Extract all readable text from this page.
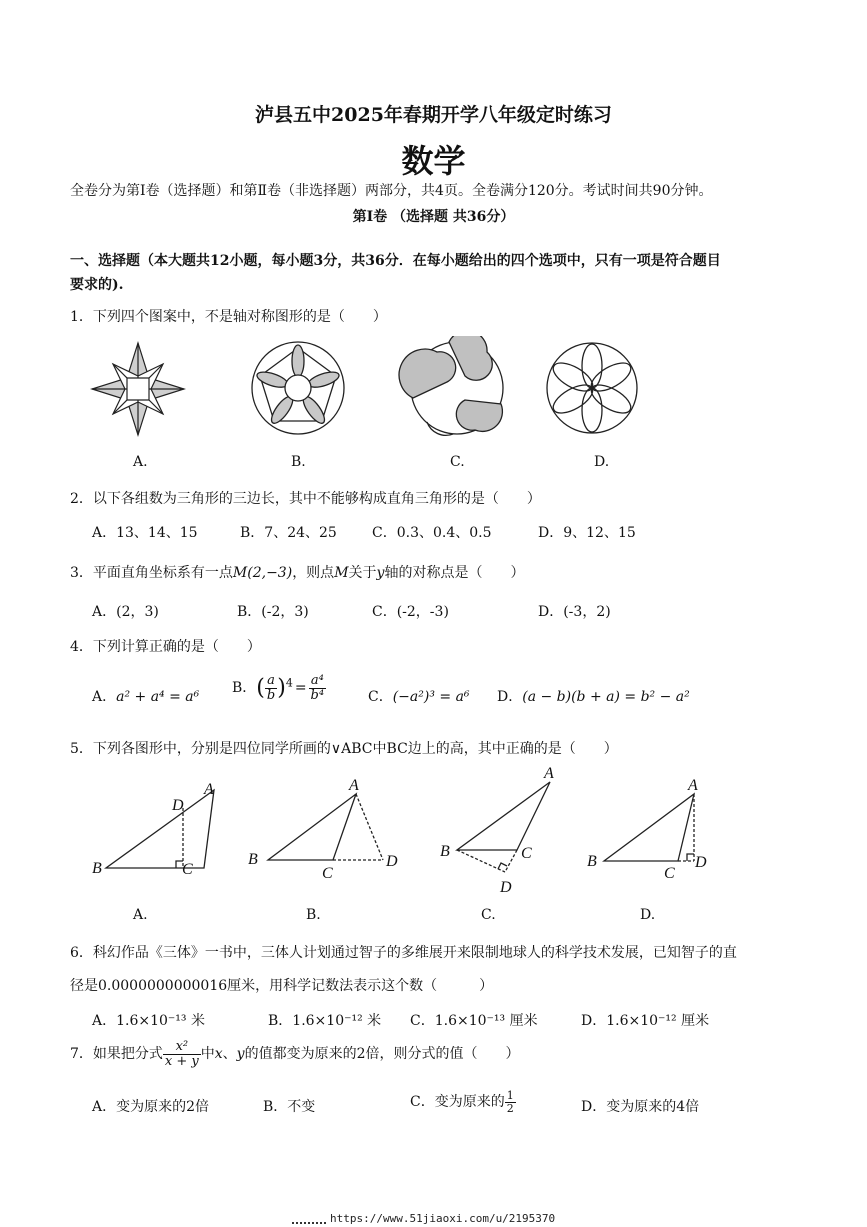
泸县五中2025年春期开学八年级定时练习
数学
全卷分为第Ⅰ卷（选择题）和第Ⅱ卷（非选择题）两部分，共4页。全卷满分120分。考试时间共90分钟。
第Ⅰ卷 （选择题 共36分）
一、选择题（本大题共12小题，每小题3分，共36分．在每小题给出的四个选项中，只有一项是符合题目
要求的).
1．下列四个图案中，不是轴对称图形的是（　　）
A.	B.	C.	D.
2．以下各组数为三角形的三边长，其中不能够构成直角三角形的是（　　）
A．13、14、15	B．7、24、25	C．0.3、0.4、0.5	D．9、12、15
3．平面直角坐标系有一点M(2,−3)，则点M关于y轴的对称点是（　　）
A．(2，3)	B．(-2，3)	C．(-2，-3)	D．(-3，2)
4．下列计算正确的是（　　）
A．a² + a⁴ = a⁶
B．( $\frac{a}{b} )^4 = \frac{\text{a⁴}}{\text{b⁴}}$	C．(−a²)³ = a⁶ D．(a − b)(b + a) = b² − a²
5．下列各图形中，分别是四位同学所画的∨ABC中BC边上的高，其中正确的是（　　）
B	C
D
A
B
C
D
A
B	C
D
A
B
C
D
A
A.	B.	C.	D.
6．科幻作品《三体》一书中，三体人计划通过智子的多维展开来限制地球人的科学技术发展，已知智子的直
径是0.0000000000016厘米，用科学记数法表示这个数（　　　）
A．1.6×10⁻¹³ 米	B．1.6×10⁻¹² 米 C．1.6×10⁻¹³ 厘米	D．1.6×10⁻¹² 厘米
7．如果把分式 $\frac{\text{x²}}{x + y}$ 中x、y的值都变为原来的2倍，则分式的值（　　）
A．变为原来的2倍	B．不变	C．变为原来的 $\frac{1}{2}$	D．变为原来的4倍
https://www.51jiaoxi.com/u/2195370
